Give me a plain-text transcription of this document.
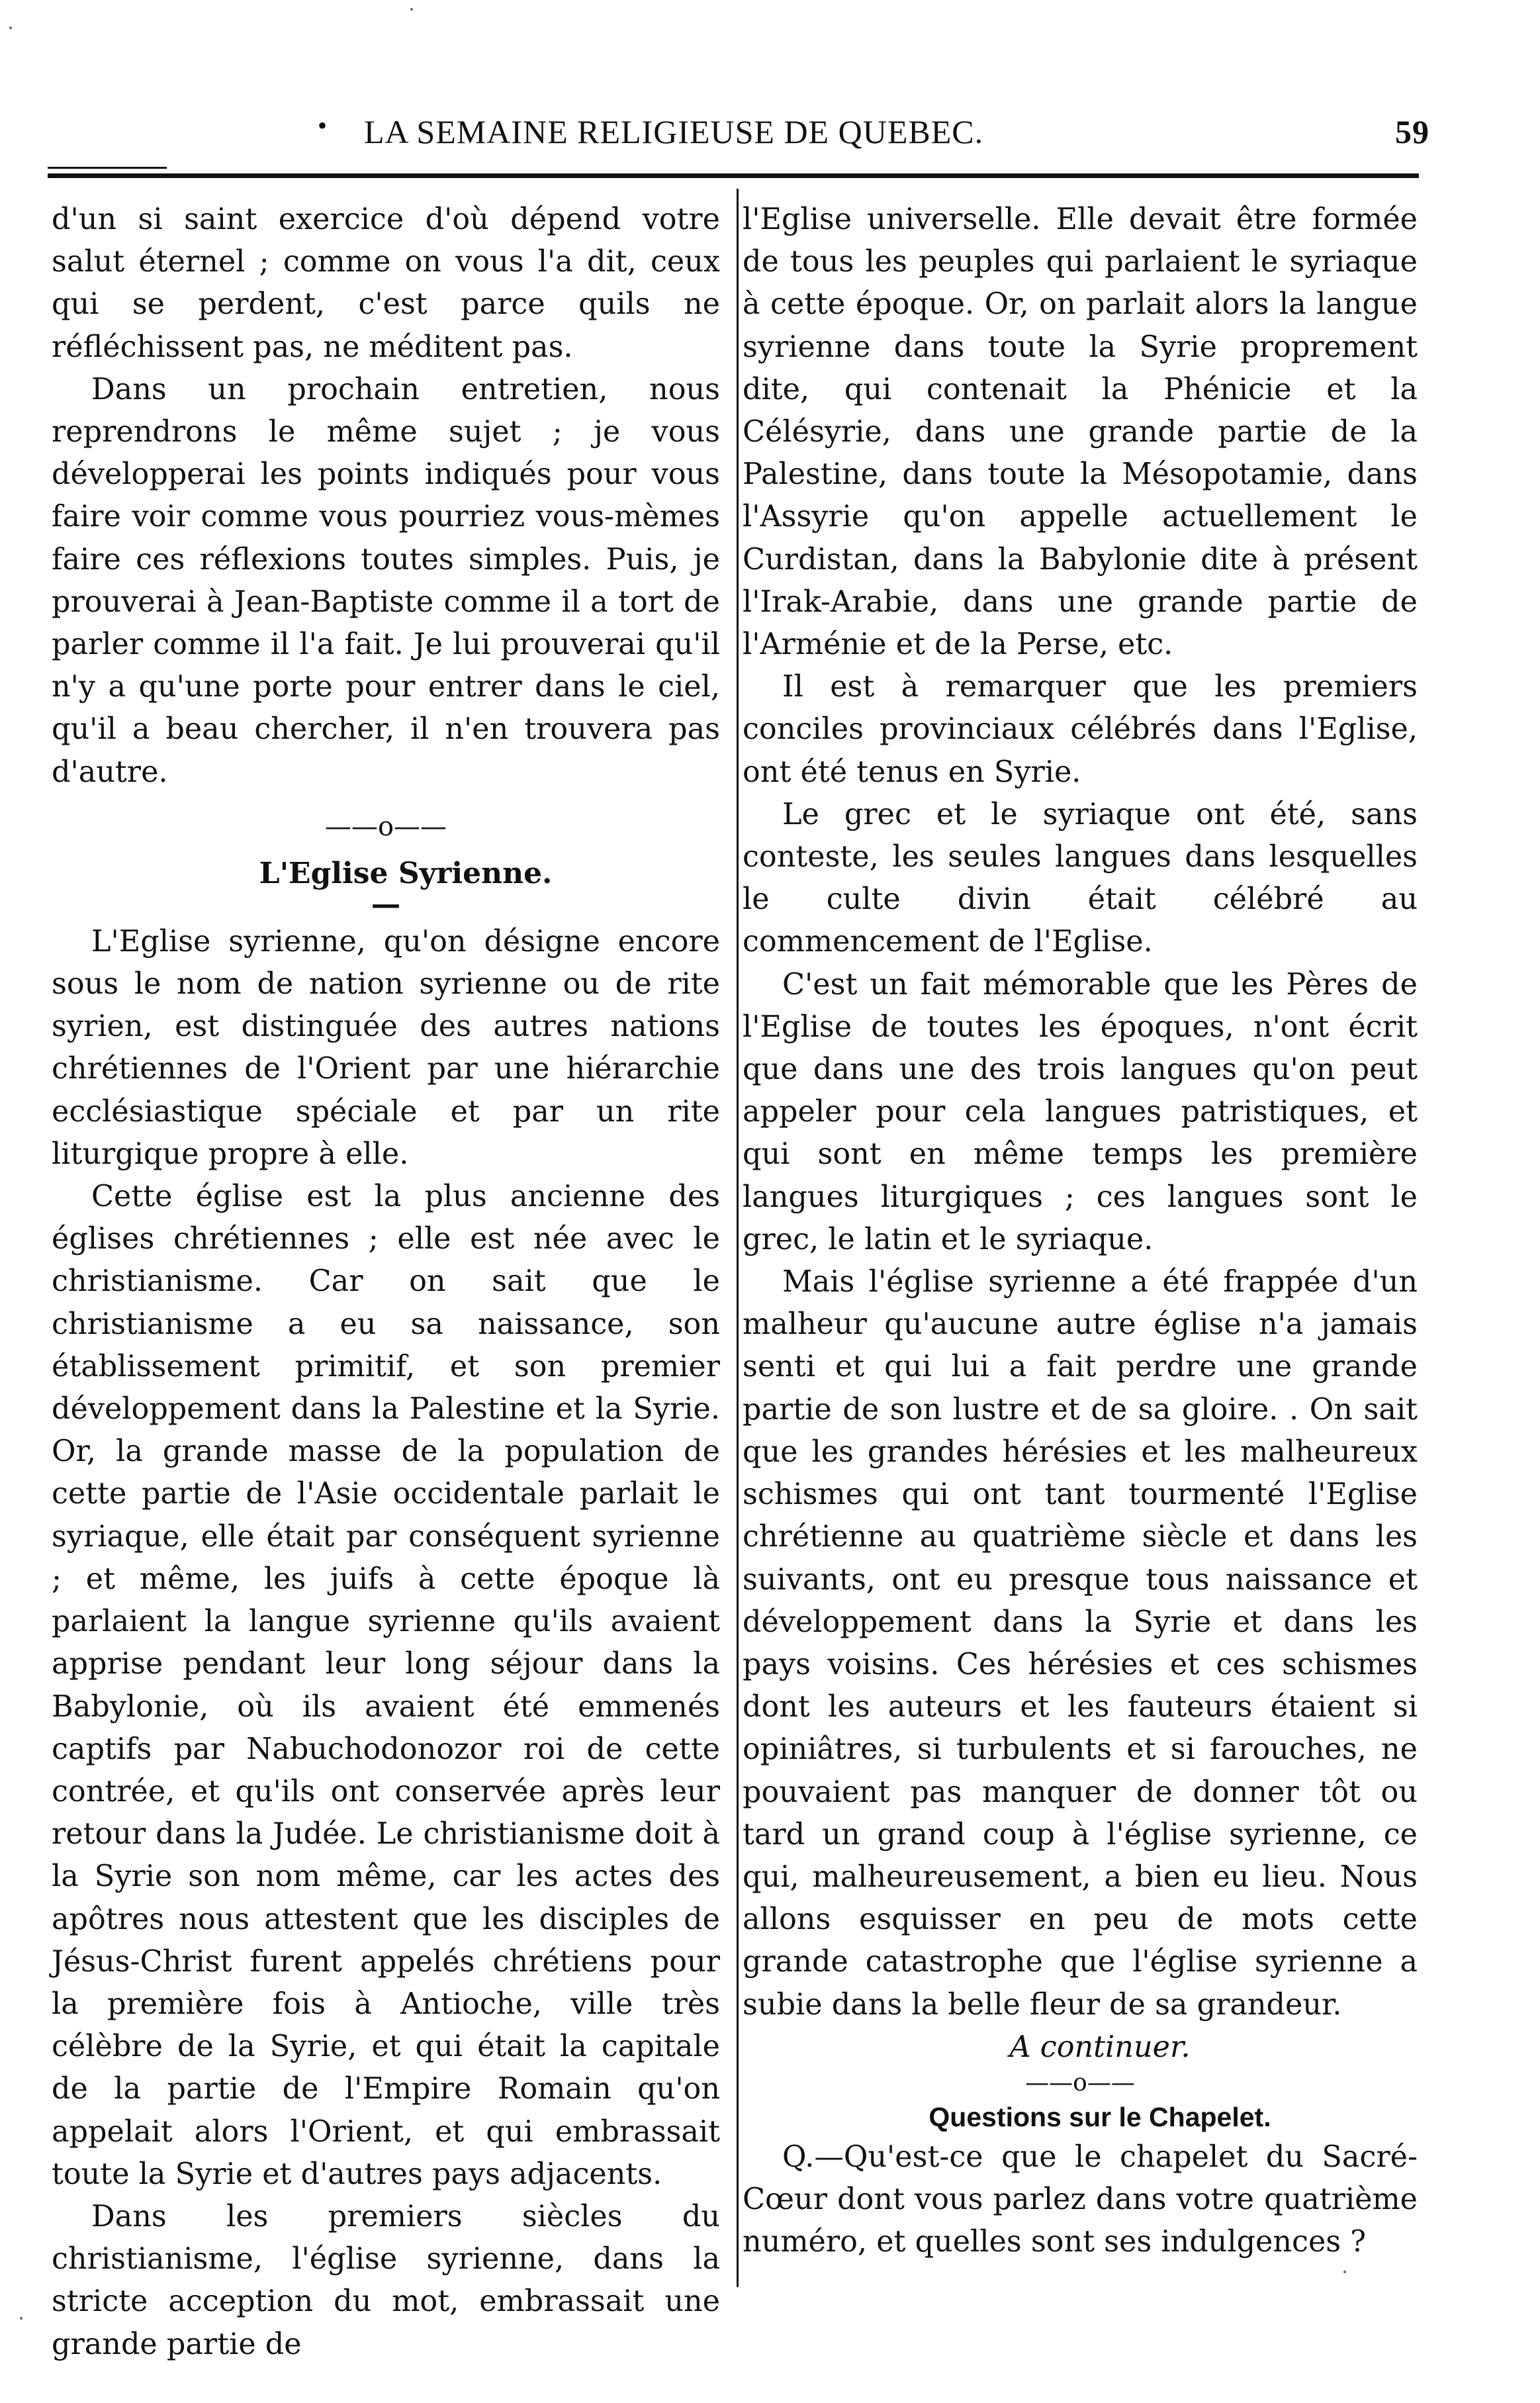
• LA SEMAINE RELIGIEUSE DE QUEBEC.	59

d'un si saint exercice d'où dépend votre salut éternel ; comme on vous l'a dit, ceux qui se perdent, c'est parce quils ne réfléchissent pas, ne méditent pas.

Dans un prochain entretien, nous reprendrons le même sujet ; je vous développerai les points indiqués pour vous faire voir comme vous pourriez vous-mèmes faire ces réflexions toutes simples. Puis, je prouverai à Jean-Baptiste comme il a tort de parler comme il l'a fait. Je lui prouverai qu'il n'y a qu'une porte pour entrer dans le ciel, qu'il a beau chercher, il n'en trouvera pas d'autre.

——o——

L'Eglise Syrienne.

—

L'Eglise syrienne, qu'on désigne encore sous le nom de nation syrienne ou de rite syrien, est distinguée des autres nations chrétiennes de l'Orient par une hiérarchie ecclésiastique spéciale et par un rite liturgique propre à elle.

Cette église est la plus ancienne des églises chrétiennes ; elle est née avec le christianisme. Car on sait que le christianisme a eu sa naissance, son établissement primitif, et son premier développement dans la Palestine et la Syrie. Or, la grande masse de la population de cette partie de l'Asie occidentale parlait le syriaque, elle était par conséquent syrienne ; et même, les juifs à cette époque là parlaient la langue syrienne qu'ils avaient apprise pendant leur long séjour dans la Babylonie, où ils avaient été emmenés captifs par Nabuchodonozor roi de cette contrée, et qu'ils ont conservée après leur retour dans la Judée. Le christianisme doit à la Syrie son nom même, car les actes des apôtres nous attestent que les disciples de Jésus-Christ furent appelés chrétiens pour la première fois à Antioche, ville très célèbre de la Syrie, et qui était la capitale de la partie de l'Empire Romain qu'on appelait alors l'Orient, et qui embrassait toute la Syrie et d'autres pays adjacents.

Dans les premiers siècles du christianisme, l'église syrienne, dans la stricte acception du mot, embrassait une grande partie de

l'Eglise universelle. Elle devait être formée de tous les peuples qui parlaient le syriaque à cette époque. Or, on parlait alors la langue syrienne dans toute la Syrie proprement dite, qui contenait la Phénicie et la Célésyrie, dans une grande partie de la Palestine, dans toute la Mésopotamie, dans l'Assyrie qu'on appelle actuellement le Curdistan, dans la Babylonie dite à présent l'Irak-Arabie, dans une grande partie de l'Arménie et de la Perse, etc.

Il est à remarquer que les premiers conciles provinciaux célébrés dans l'Eglise, ont été tenus en Syrie.

Le grec et le syriaque ont été, sans conteste, les seules langues dans lesquelles le culte divin était célébré au commencement de l'Eglise.

C'est un fait mémorable que les Pères de l'Eglise de toutes les époques, n'ont écrit que dans une des trois langues qu'on peut appeler pour cela langues patristiques, et qui sont en même temps les première langues liturgiques ; ces langues sont le grec, le latin et le syriaque.

Mais l'église syrienne a été frappée d'un malheur qu'aucune autre église n'a jamais senti et qui lui a fait perdre une grande partie de son lustre et de sa gloire. . On sait que les grandes hérésies et les malheureux schismes qui ont tant tourmenté l'Eglise chrétienne au quatrième siècle et dans les suivants, ont eu presque tous naissance et développement dans la Syrie et dans les pays voisins. Ces hérésies et ces schismes dont les auteurs et les fauteurs étaient si opiniâtres, si turbulents et si farouches, ne pouvaient pas manquer de donner tôt ou tard un grand coup à l'église syrienne, ce qui, malheureusement, a bien eu lieu. Nous allons esquisser en peu de mots cette grande catastrophe que l'église syrienne a subie dans la belle fleur de sa grandeur.

A continuer.

——o——

Questions sur le Chapelet.

Q.—Qu'est-ce que le chapelet du Sacré-Cœur dont vous parlez dans votre quatrième numéro, et quelles sont ses indulgences ?
